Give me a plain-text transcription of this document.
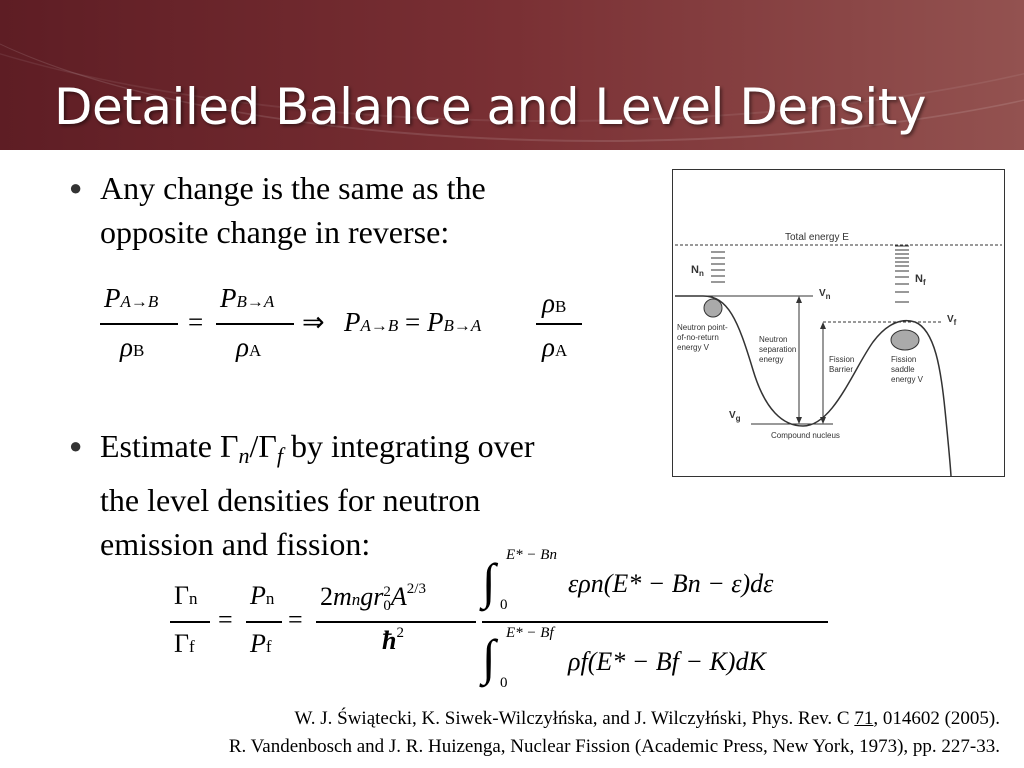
Detailed Balance and Level Density
● Any change is the same as the
opposite change in reverse:
PA→B
ρB
=
PB→A
ρA
⇒ PA→B = PB→A
ρB
ρA
● Estimate Γn/Γf by integrating over
the level densities for neutron
emission and fission:
Γn
Γf
=
Pn
Pf
=
2mngr 2
0 $A^{2/3}$
$ħ^2$
∫ E* − Bn
0
ερn(E* − Bn − ε)dε
∫ E* − Bf
0
ρf(E* − Bf − K)dK
Total energy E
$N_n$	$N_f$
$V_n$
$V_f$
$V_g$
Neutron point- of-no-return energy V
Neutron separation energy	Fission Barrier
Fission saddle energy V
Compound nucleus
W. J. Świątecki, K. Siwek-Wilczyłńska, and J. Wilczyłński, Phys. Rev. C 71, 014602 (2005).
R. Vandenbosch and J. R. Huizenga, Nuclear Fission (Academic Press, New York, 1973), pp. 227-33.
